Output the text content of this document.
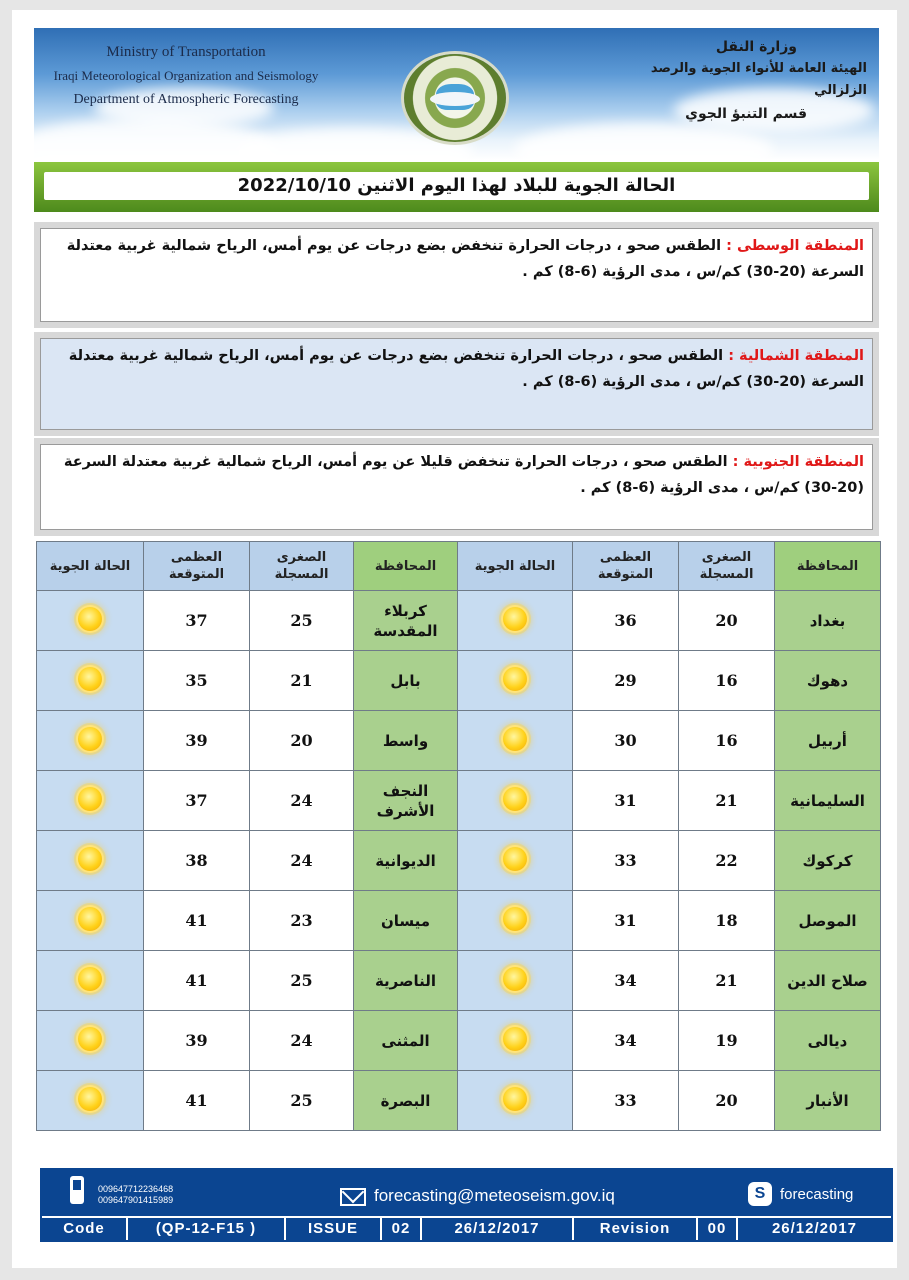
Ministry of Transportation
Iraqi Meteorological Organization and Seismology
Department of Atmospheric Forecasting
وزارة النقل
الهيئة العامة للأنواء الجوية والرصد الزلزالي
قسم التنبؤ الجوي
الحالة الجوية للبلاد لهذا اليوم الاثنين 2022/10/10
المنطقة الوسطى : الطقس صحو ، درجات الحرارة تنخفض بضع درجات عن يوم أمس، الرياح شمالية غربية معتدلة السرعة (20-30) كم/س ، مدى الرؤية (6-8) كم .
المنطقة الشمالية : الطقس صحو ، درجات الحرارة تنخفض بضع درجات عن يوم أمس، الرياح شمالية غربية معتدلة السرعة (20-30) كم/س ، مدى الرؤية (6-8) كم .
المنطقة الجنوبية : الطقس صحو ، درجات الحرارة تنخفض قليلا عن يوم أمس، الرياح شمالية غربية معتدلة السرعة (20-30) كم/س ، مدى الرؤية (6-8) كم .
المحافظة	الصغرى المسجلة	العظمى المتوقعة	الحالة الجوية	المحافظة	الصغرى المسجلة	العظمى المتوقعة	الحالة الجوية
بغداد	20	36		كربلاء المقدسة	25	37	
دهوك	16	29		بابل	21	35	
أربيل	16	30		واسط	20	39	
السليمانية	21	31		النجف الأشرف	24	37	
كركوك	22	33		الديوانية	24	38	
الموصل	18	31		ميسان	23	41	
صلاح الدين	21	34		الناصرية	25	41	
ديالى	19	34		المثنى	24	39	
الأنبار	20	33		البصرة	25	41	
009647712236468
009647901415989	forecasting@meteoseism.gov.iq	S forecasting
Code	(QP-12-F15 )	ISSUE	02	26/12/2017	Revision	00	26/12/2017
